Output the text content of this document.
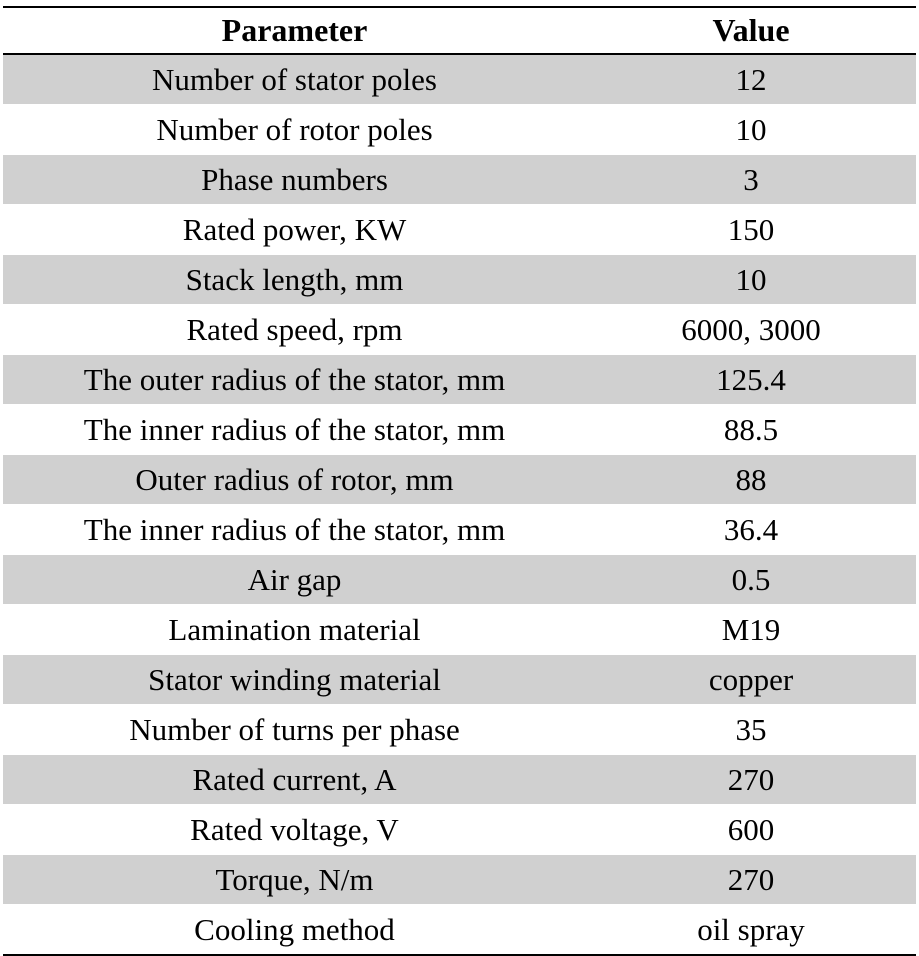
Parameter	Value
Number of stator poles	12
Number of rotor poles	10
Phase numbers	3
Rated power, KW	150
Stack length, mm	10
Rated speed, rpm	6000, 3000
The outer radius of the stator, mm	125.4
The inner radius of the stator, mm	88.5
Outer radius of rotor, mm	88
The inner radius of the stator, mm	36.4
Air gap	0.5
Lamination material	M19
Stator winding material	copper
Number of turns per phase	35
Rated current, A	270
Rated voltage, V	600
Torque, N/m	270
Cooling method	oil spray
